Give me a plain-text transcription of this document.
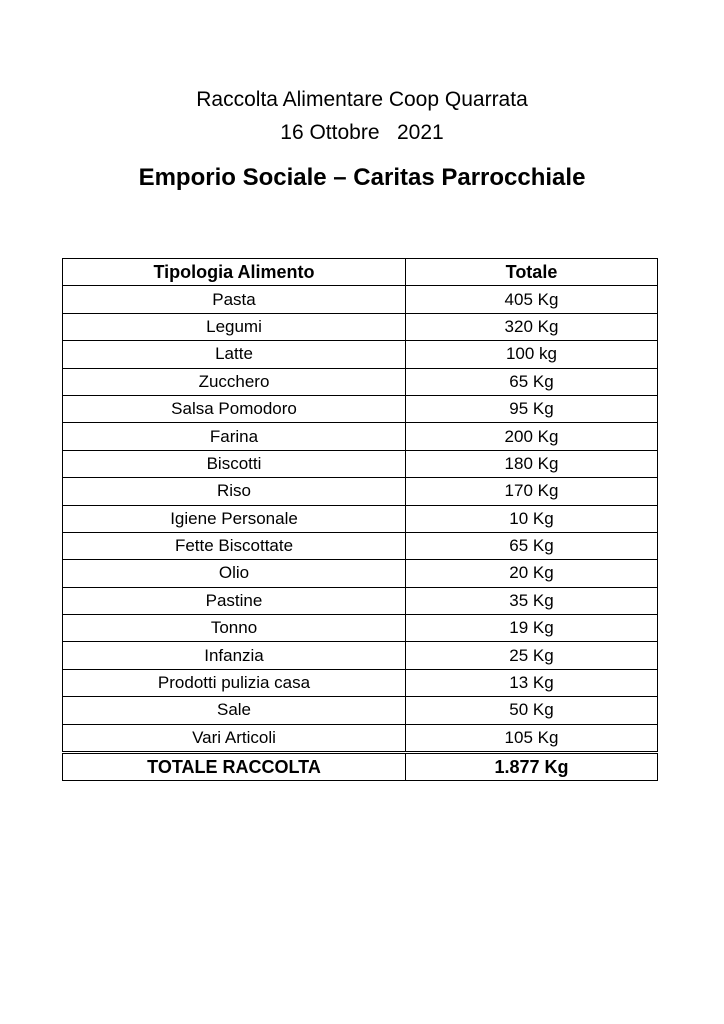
Raccolta Alimentare Coop Quarrata
16 Ottobre   2021
Emporio Sociale – Caritas Parrocchiale
Tipologia Alimento	Totale
Pasta	405 Kg
Legumi	320 Kg
Latte	100 kg
Zucchero	65 Kg
Salsa Pomodoro	95 Kg
Farina	200 Kg
Biscotti	180 Kg
Riso	170 Kg
Igiene Personale	10 Kg
Fette Biscottate	65 Kg
Olio	20 Kg
Pastine	35 Kg
Tonno	19 Kg
Infanzia	25 Kg
Prodotti pulizia casa	13 Kg
Sale	50 Kg
Vari Articoli	105 Kg
TOTALE RACCOLTA	1.877 Kg
